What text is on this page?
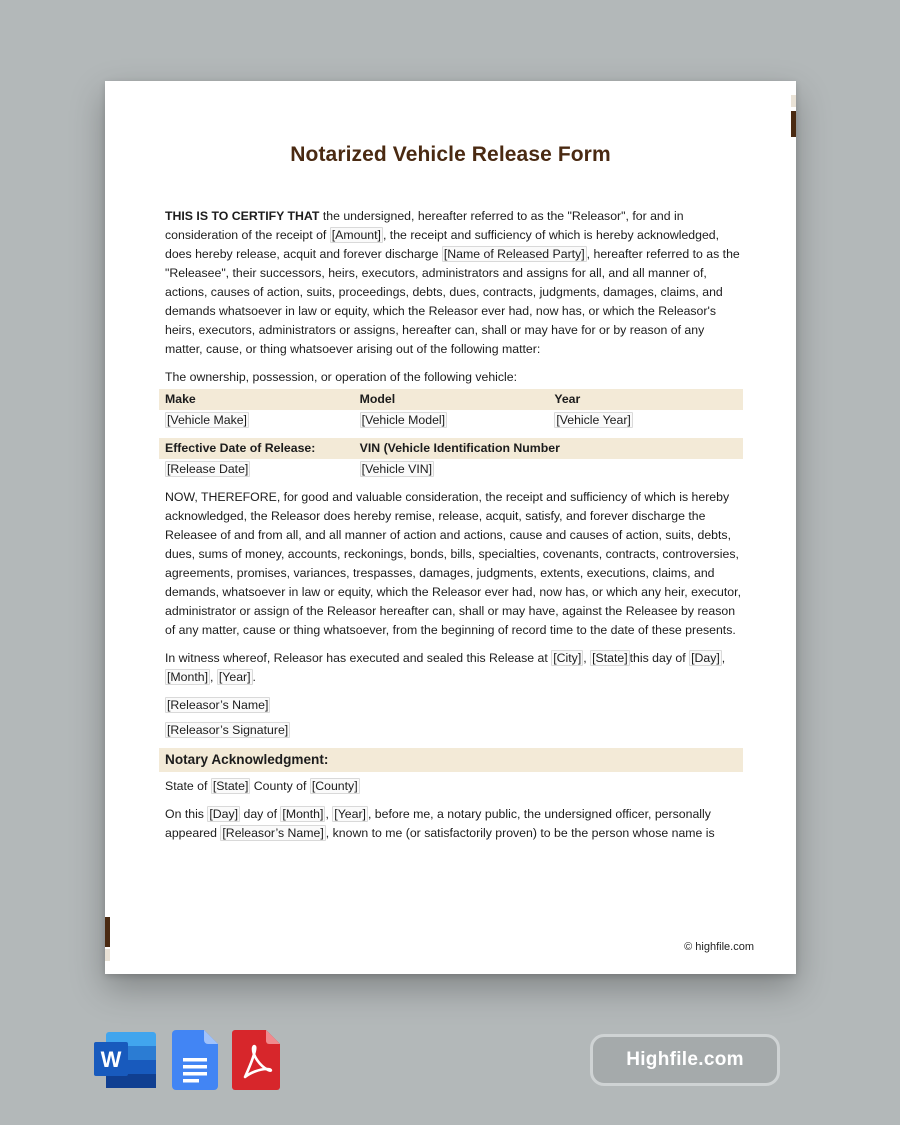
Notarized Vehicle Release Form

THIS IS TO CERTIFY THAT the undersigned, hereafter referred to as the "Releasor", for and in consideration of the receipt of [Amount] , the receipt and sufficiency of which is hereby acknowledged, does hereby release, acquit and forever discharge [Name of Released Party] , hereafter referred to as the "Releasee", their successors, heirs, executors, administrators and assigns for all, and all manner of, actions, causes of action, suits, proceedings, debts, dues, contracts, judgments, damages, claims, and demands whatsoever in law or equity, which the Releasor ever had, now has, or which the Releasor's heirs, executors, administrators or assigns, hereafter can, shall or may have for or by reason of any matter, cause, or thing whatsoever arising out of the following matter:

The ownership, possession, or operation of the following vehicle:

Make	Model	Year
[Vehicle Make]	[Vehicle Model]	[Vehicle Year]

Effective Date of Release:	VIN (Vehicle Identification Number	
[Release Date]	[Vehicle VIN]	

NOW, THEREFORE, for good and valuable consideration, the receipt and sufficiency of which is hereby acknowledged, the Releasor does hereby remise, release, acquit, satisfy, and forever discharge the Releasee of and from all, and all manner of action and actions, cause and causes of action, suits, debts, dues, sums of money, accounts, reckonings, bonds, bills, specialties, covenants, contracts, controversies, agreements, promises, variances, trespasses, damages, judgments, extents, executions, claims, and demands, whatsoever in law or equity, which the Releasor ever had, now has, or which any heir, executor, administrator or assign of the Releasor hereafter can, shall or may have, against the Releasee by reason of any matter, cause or thing whatsoever, from the beginning of record time to the date of these presents.

In witness whereof, Releasor has executed and sealed this Release at [City] , [State] this day of [Day] , [Month] , [Year] .

[Releasor’s Name]

[Releasor’s Signature]

Notary Acknowledgment:

State of [State] County of [County]

On this [Day] day of [Month] , [Year] , before me, a notary public, the undersigned officer, personally appeared [Releasor’s Name] , known to me (or satisfactorily proven) to be the person whose name is

© highfile.com
W	Highfile.com
